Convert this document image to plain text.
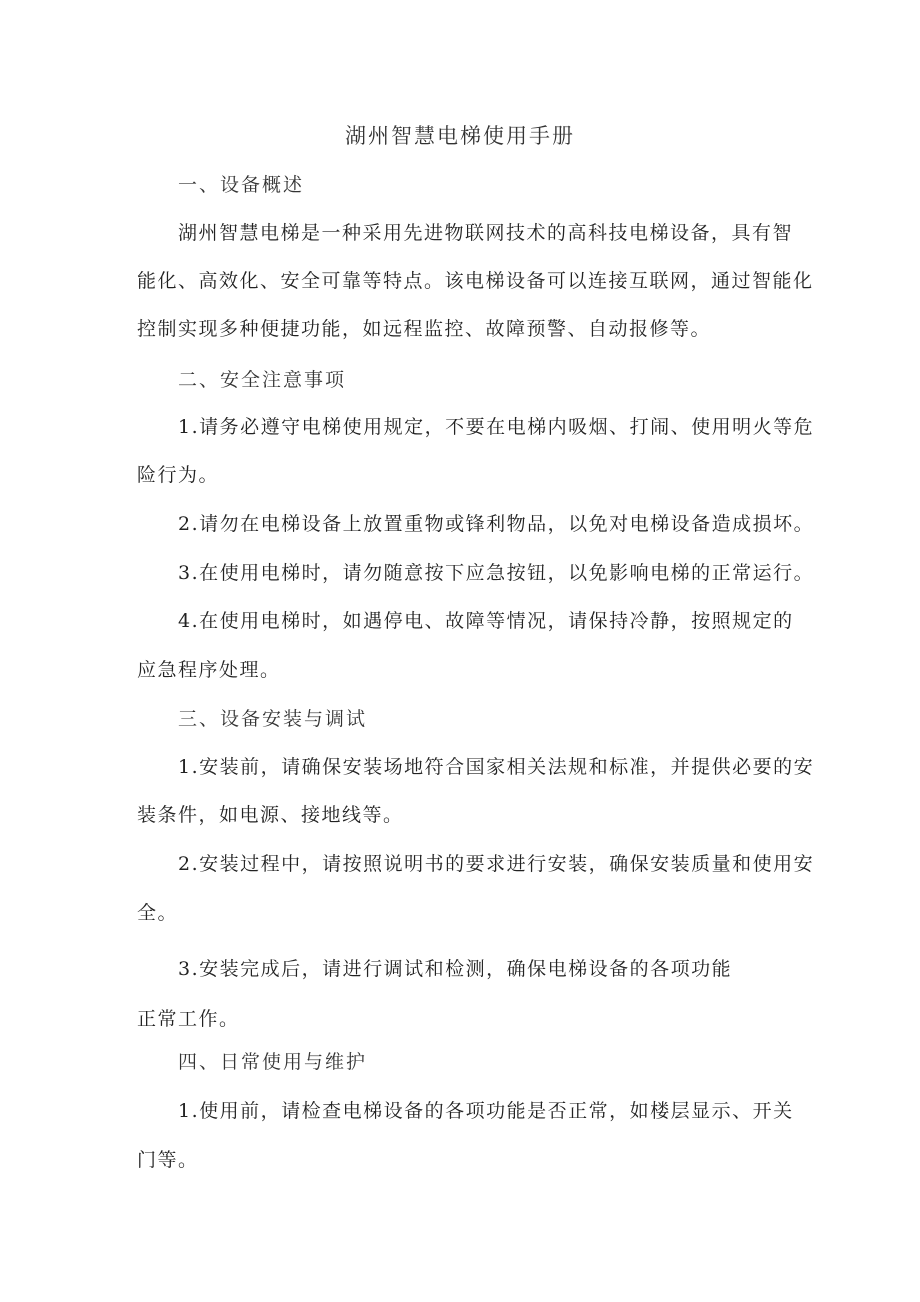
湖州智慧电梯使用手册
一、设备概述
湖州智慧电梯是一种采用先进物联网技术的高科技电梯设备，具有智
能化、高效化、安全可靠等特点。该电梯设备可以连接互联网，通过智能化
控制实现多种便捷功能，如远程监控、故障预警、自动报修等。
二、安全注意事项
1.请务必遵守电梯使用规定，不要在电梯内吸烟、打闹、使用明火等危
险行为。
2.请勿在电梯设备上放置重物或锋利物品，以免对电梯设备造成损坏。
3.在使用电梯时，请勿随意按下应急按钮，以免影响电梯的正常运行。
4.在使用电梯时，如遇停电、故障等情况，请保持冷静，按照规定的
应急程序处理。
三、设备安装与调试
1.安装前，请确保安装场地符合国家相关法规和标准，并提供必要的安
装条件，如电源、接地线等。
2.安装过程中，请按照说明书的要求进行安装，确保安装质量和使用安
全。
3.安装完成后，请进行调试和检测，确保电梯设备的各项功能
正常工作。
四、日常使用与维护
1.使用前，请检查电梯设备的各项功能是否正常，如楼层显示、开关
门等。
